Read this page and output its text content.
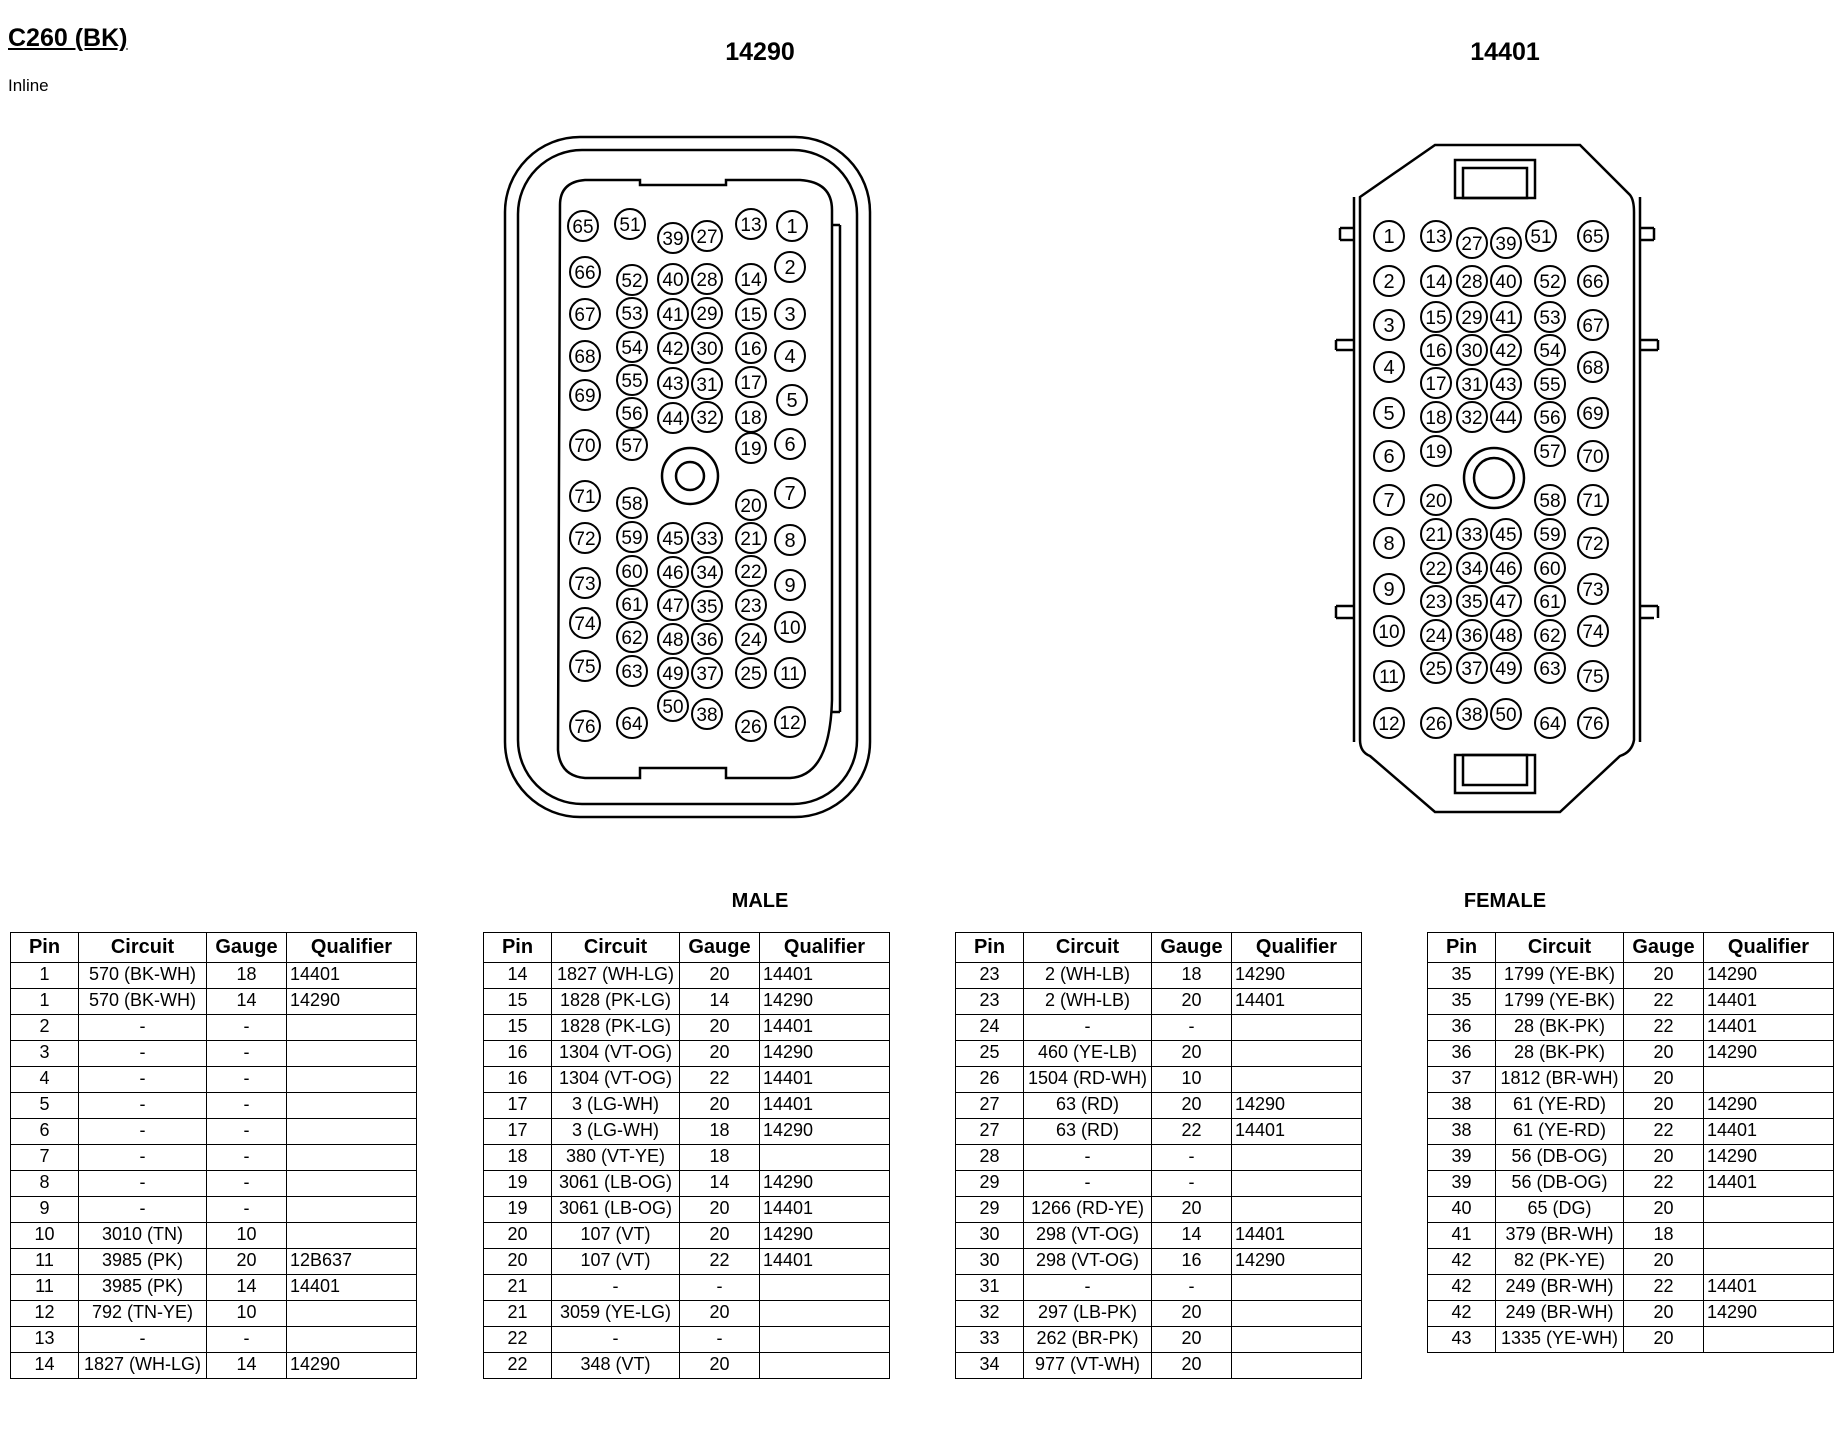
C260 (BK)
Inline
14290	14401
MALE	FEMALE
65 51
39 27
13 1
66 52 40 28 14
2
67 53 41 29 15 3
68 54 42 30 16 4
69
55 43 31 17
56 44 32 18
5
70 57	19 6
71 58	20
7
72 59 45 33 21 8
73
60 46 34 22
9
74
61 47 35 23
62 48 36 24
10
75 63 49 37 25 11
50 38
76 64	26 12
1 13 27 39 51 65
2 14 28 40 52 66
3 15 29 41 53 67
16 30 42 54
4	68
17 31 43 55
5 18 32 44 56 69
6 19	57 70
7 20	58 71
8 21 33 45 59 72
22 34 46 60
9	73
23 35 47 61
10 24 36 48 62 74
11 25 37 49 63 75
12 26 38 50 64 76
Pin	Circuit	Gauge	Qualifier
1	570 (BK-WH)	18	14401
1	570 (BK-WH)	14	14290
2	-	-	
3	-	-	
4	-	-	
5	-	-	
6	-	-	
7	-	-	
8	-	-	
9	-	-	
10	3010 (TN)	10	
11	3985 (PK)	20	12B637
11	3985 (PK)	14	14401
12	792 (TN-YE)	10	
13	-	-	
14	1827 (WH-LG)	14	14290
Pin	Circuit	Gauge	Qualifier
14	1827 (WH-LG)	20	14401
15	1828 (PK-LG)	14	14290
15	1828 (PK-LG)	20	14401
16	1304 (VT-OG)	20	14290
16	1304 (VT-OG)	22	14401
17	3 (LG-WH)	20	14401
17	3 (LG-WH)	18	14290
18	380 (VT-YE)	18	
19	3061 (LB-OG)	14	14290
19	3061 (LB-OG)	20	14401
20	107 (VT)	20	14290
20	107 (VT)	22	14401
21	-	-	
21	3059 (YE-LG)	20	
22	-	-	
22	348 (VT)	20	
Pin	Circuit	Gauge	Qualifier
23	2 (WH-LB)	18	14290
23	2 (WH-LB)	20	14401
24	-	-	
25	460 (YE-LB)	20	
26	1504 (RD-WH)	10	
27	63 (RD)	20	14290
27	63 (RD)	22	14401
28	-	-	
29	-	-	
29	1266 (RD-YE)	20	
30	298 (VT-OG)	14	14401
30	298 (VT-OG)	16	14290
31	-	-	
32	297 (LB-PK)	20	
33	262 (BR-PK)	20	
34	977 (VT-WH)	20	
Pin	Circuit	Gauge	Qualifier
35	1799 (YE-BK)	20	14290
35	1799 (YE-BK)	22	14401
36	28 (BK-PK)	22	14401
36	28 (BK-PK)	20	14290
37	1812 (BR-WH)	20	
38	61 (YE-RD)	20	14290
38	61 (YE-RD)	22	14401
39	56 (DB-OG)	20	14290
39	56 (DB-OG)	22	14401
40	65 (DG)	20	
41	379 (BR-WH)	18	
42	82 (PK-YE)	20	
42	249 (BR-WH)	22	14401
42	249 (BR-WH)	20	14290
43	1335 (YE-WH)	20	
